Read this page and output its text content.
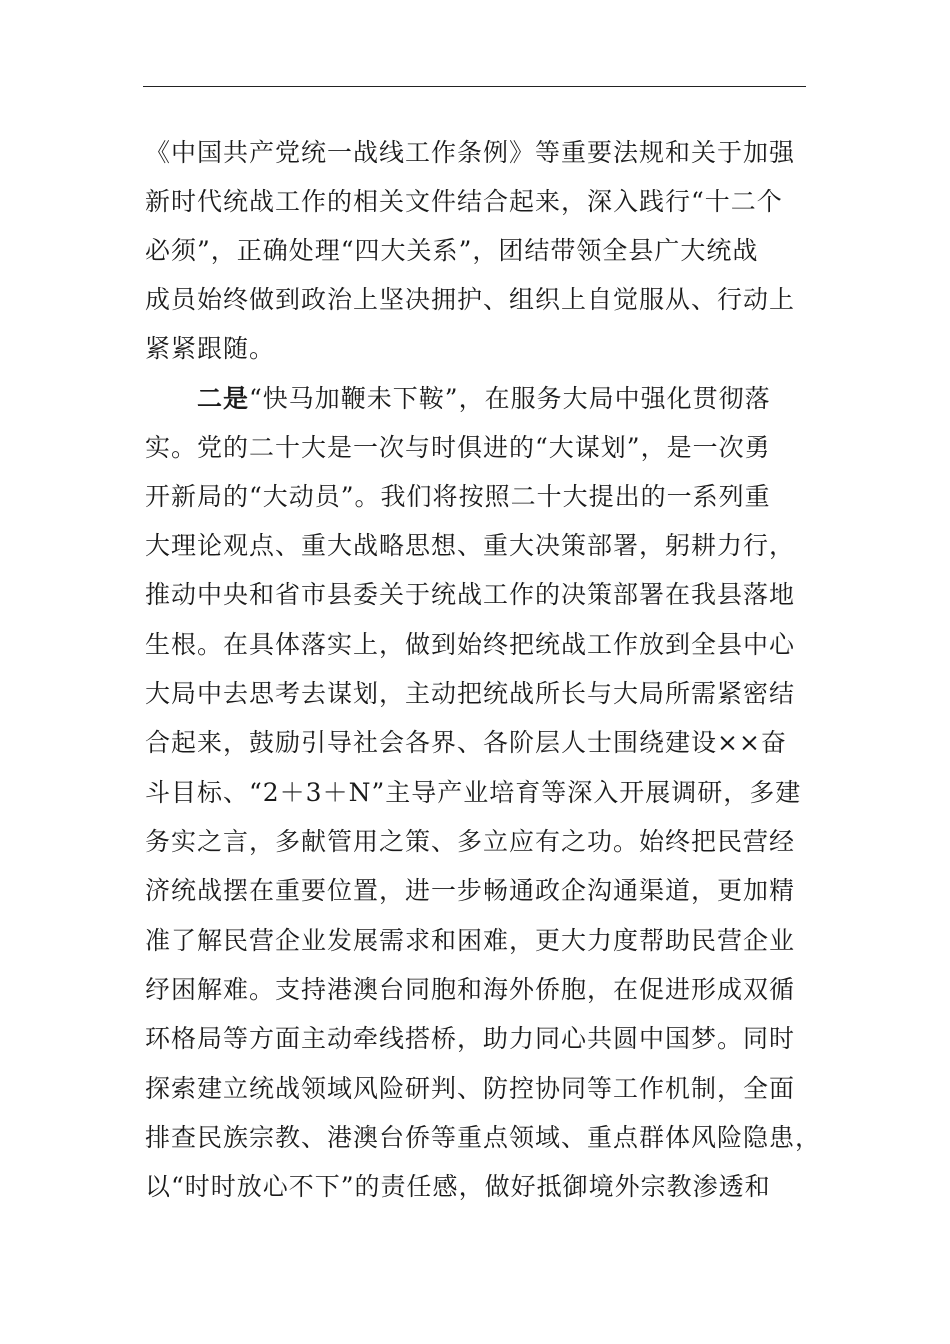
《中国共产党统一战线工作条例》等重要法规和关于加强
新时代统战工作的相关文件结合起来，深入践行“十二个
必须”，正确处理“四大关系”，团结带领全县广大统战
成员始终做到政治上坚决拥护、组织上自觉服从、行动上
紧紧跟随。
二是“快马加鞭未下鞍”，在服务大局中强化贯彻落
实。党的二十大是一次与时俱进的“大谋划”，是一次勇
开新局的“大动员”。我们将按照二十大提出的一系列重
大理论观点、重大战略思想、重大决策部署，躬耕力行，
推动中央和省市县委关于统战工作的决策部署在我县落地
生根。在具体落实上，做到始终把统战工作放到全县中心
大局中去思考去谋划，主动把统战所长与大局所需紧密结
合起来，鼓励引导社会各界、各阶层人士围绕建设××奋
斗目标、“2＋3＋N”主导产业培育等深入开展调研，多建
务实之言，多献管用之策、多立应有之功。始终把民营经
济统战摆在重要位置，进一步畅通政企沟通渠道，更加精
准了解民营企业发展需求和困难，更大力度帮助民营企业
纾困解难。支持港澳台同胞和海外侨胞，在促进形成双循
环格局等方面主动牵线搭桥，助力同心共圆中国梦。同时
探索建立统战领域风险研判、防控协同等工作机制，全面
排查民族宗教、港澳台侨等重点领域、重点群体风险隐患，
以“时时放心不下”的责任感，做好抵御境外宗教渗透和
